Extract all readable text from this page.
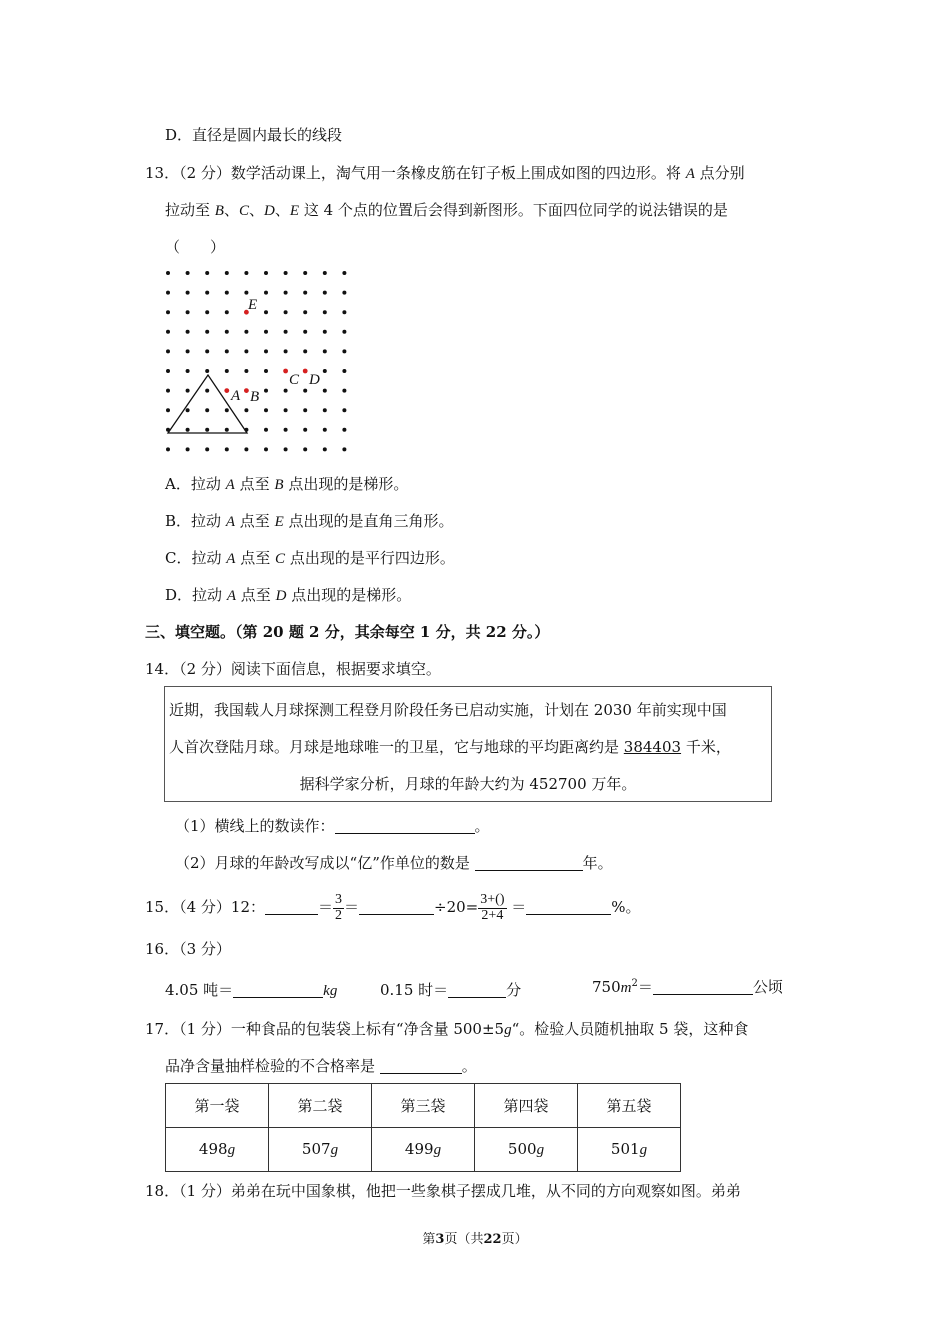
D．直径是圆内最长的线段
13．（2 分）数学活动课上，淘气用一条橡皮筋在钉子板上围成如图的四边形。将 A 点分别
拉动至 B、C、D、E 这 4 个点的位置后会得到新图形。下面四位同学的说法错误的是
（　　）
E
A B
C D
A．拉动 A 点至 B 点出现的是梯形。
B．拉动 A 点至 E 点出现的是直角三角形。
C．拉动 A 点至 C 点出现的是平行四边形。
D．拉动 A 点至 D 点出现的是梯形。
三、填空题。（第 20 题 2 分，其余每空 1 分，共 22 分。）
14．（2 分）阅读下面信息，根据要求填空。
近期，我国载人月球探测工程登月阶段任务已启动实施，计划在 2030 年前实现中国
人首次登陆月球。月球是地球唯一的卫星，它与地球的平均距离约是 384403 千米，
据科学家分析，月球的年龄大约为 452700 万年。
（1）横线上的数读作：	。
（2）月球的年龄改写成以“亿”作单位的数是	年。
15．（4 分）12：	＝ $\frac{3}{2}$ ＝	$\div 20= \frac{3+()}{2+4}$ ＝	%。
16．（3 分）
4.05 吨＝	kg	0.15 时＝	分	$750m^2=$	公顷
17．（1 分）一种食品的包装袋上标有“净含量 500±5g“。检验人员随机抽取 5 袋，这种食
品净含量抽样检验的不合格率是	。
第一袋	第二袋	第三袋	第四袋	第五袋
498g	507g	499g	500g	501g
18．（1 分）弟弟在玩中国象棋，他把一些象棋子摆成几堆，从不同的方向观察如图。弟弟
第3页（共22页）
